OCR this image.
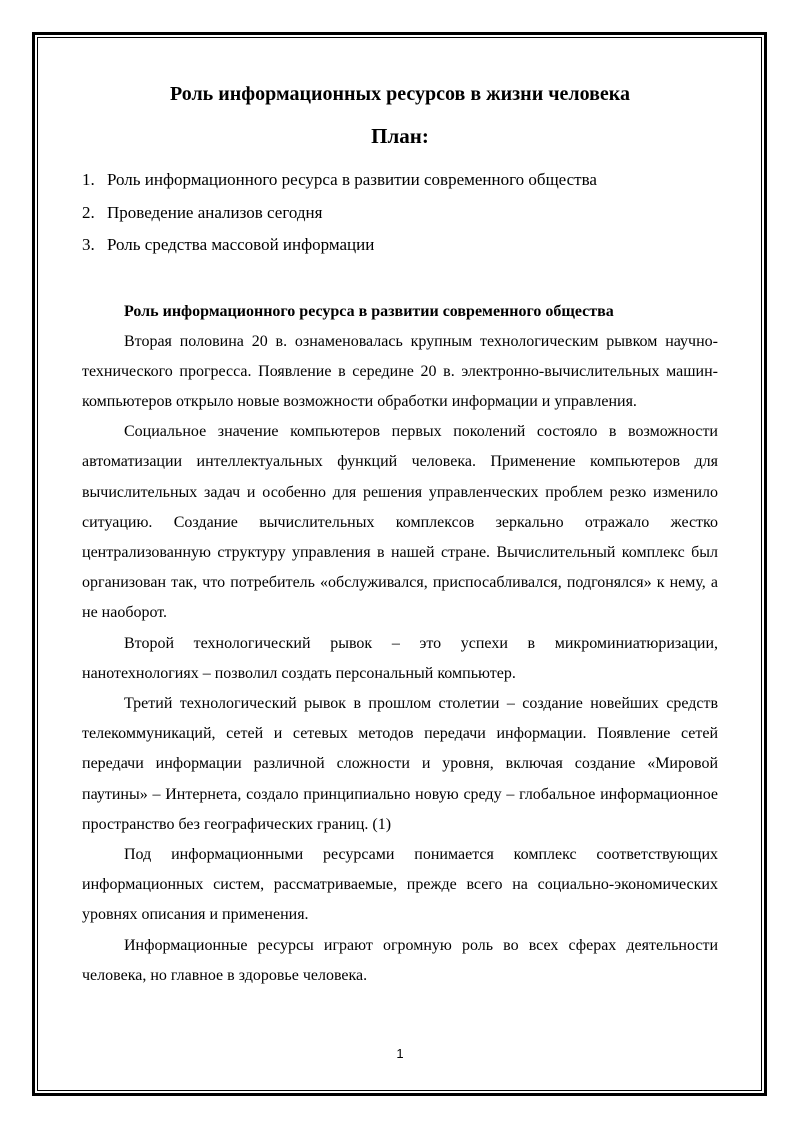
Роль информационных ресурсов в жизни человека
План:
1. Роль информационного ресурса в развитии современного общества
2. Проведение анализов сегодня
3. Роль средства массовой информации
Роль информационного ресурса в развитии современного общества

Вторая половина 20 в. ознаменовалась крупным технологическим рывком научно-технического прогресса. Появление в середине 20 в. электронно-вычислительных машин-компьютеров открыло новые возможности обработки информации и управления.

Социальное значение компьютеров первых поколений состояло в возможности автоматизации интеллектуальных функций человека. Применение компьютеров для вычислительных задач и особенно для решения управленческих проблем резко изменило ситуацию. Создание вычислительных комплексов зеркально отражало жестко централизованную структуру управления в нашей стране. Вычислительный комплекс был организован так, что потребитель «обслуживался, приспосабливался, подгонялся» к нему, а не наоборот.

Второй технологический рывок – это успехи в микроминиатюризации, нанотехнологиях – позволил создать персональный компьютер.

Третий технологический рывок в прошлом столетии – создание новейших средств телекоммуникаций, сетей и сетевых методов передачи информации. Появление сетей передачи информации различной сложности и уровня, включая создание «Мировой паутины» – Интернета, создало принципиально новую среду – глобальное информационное пространство без географических границ. (1)

Под информационными ресурсами понимается комплекс соответствующих информационных систем, рассматриваемые, прежде всего на социально-экономических уровнях описания и применения.

Информационные ресурсы играют огромную роль во всех сферах деятельности человека, но главное в здоровье человека.

1
